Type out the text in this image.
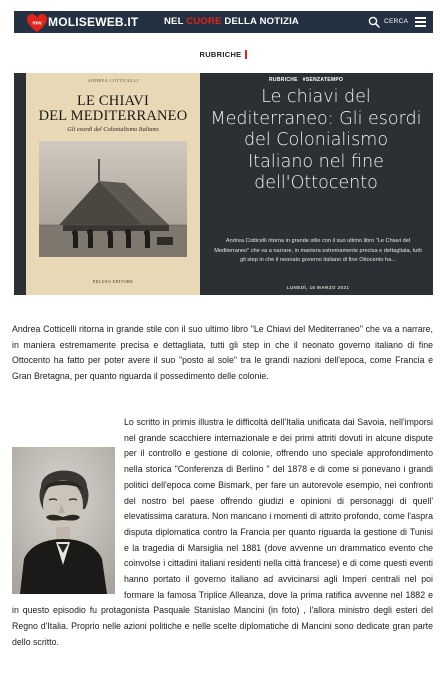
mw MOLISEWEB.IT	NEL CUORE DELLA NOTIZIA	CERCA
RUBRICHE
ANDREA COTTICELLI
LE CHIAVI
DEL MEDITERRANEO
Gli esordi del Colonialismo Italiano
PELUSO EDITORE
RUBRICHE #SENZATEMPO
Le chiavi del Mediterraneo: Gli esordi del Colonialismo Italiano nel fine dell'Ottocento
Andrea Cotticelli ritorna in grande stile con il suo ultimo libro "Le Chiavi del Mediterraneo" che va a narrare, in maniera estremamente precisa e dettagliata, tutti gli step in che il neonato governo italiano di fine Ottocento ha...
LUNEDÌ, 15 MARZO 2021

Andrea Cotticelli ritorna in grande stile con il suo ultimo libro "Le Chiavi del Mediterraneo" che va a narrare, in maniera estremamente precisa e dettagliata, tutti gli step in che il neonato governo italiano di fine Ottocento ha fatto per poter avere il suo "posto al sole" tra le grandi nazioni dell'epoca, come Francia e Gran Bretagna, per quanto riguarda il possedimento delle colonie.

Lo scritto in primis illustra le difficoltà dell'Italia unificata dai Savoia, nell'imporsi nel grande scacchiere internazionale e dei primi attriti dovuti in alcune dispute per il controllo e gestione di colonie, offrendo uno speciale approfondimento nella storica "Conferenza di Berlino " del 1878 e di come si ponevano i grandi politici dell'epoca come Bismark, per fare un autorevole esempio, nei confronti del nostro bel paese offrendo giudizi e opinioni di personaggi di quell' elevatissima caratura. Non mancano i momenti di attrito profondo, come l'aspra disputa diplomatica contro la Francia per quanto riguarda la gestione di Tunisi e la tragedia di Marsiglia nel 1881 (dove avvenne un drammatico evento che coinvolse i cittadini italiani residenti nella città francese) e di come questi eventi hanno portato il governo italiano ad avvicinarsi agli Imperi centrali nel poi formare la famosa Triplice Alleanza, dove la prima ratifica avvenne nel 1882 e in questo episodio fu protagonista Pasquale Stanislao Mancini (in foto) , l'allora ministro degli esteri del Regno d'Italia. Proprio nelle azioni politiche e nelle scelte diplomatiche di Mancini sono dedicate gran parte dello scritto.
